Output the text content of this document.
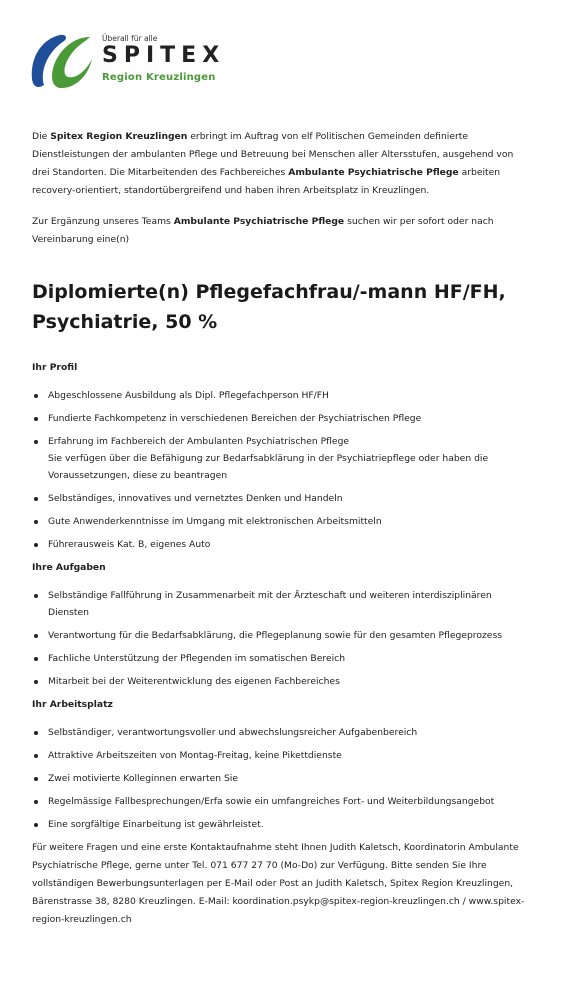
Überall für alle
SPITEX
Region Kreuzlingen

Die Spitex Region Kreuzlingen erbringt im Auftrag von elf Politischen Gemeinden definierte Dienstleistungen der ambulanten Pflege und Betreuung bei Menschen aller Altersstufen, ausgehend von drei Standorten. Die Mitarbeitenden des Fachbereiches Ambulante Psychiatrische Pflege arbeiten recovery-orientiert, standortübergreifend und haben ihren Arbeitsplatz in Kreuzlingen.

Zur Ergänzung unseres Teams Ambulante Psychiatrische Pflege suchen wir per sofort oder nach Vereinbarung eine(n)

Diplomierte(n) Pflegefachfrau/-mann HF/FH, Psychiatrie, 50 %
Ihr Profil
Abgeschlossene Ausbildung als Dipl. Pflegefachperson HF/FH
Fundierte Fachkompetenz in verschiedenen Bereichen der Psychiatrischen Pflege
Erfahrung im Fachbereich der Ambulanten Psychiatrischen Pflege
Sie verfügen über die Befähigung zur Bedarfsabklärung in der Psychiatriepflege oder haben die Voraussetzungen, diese zu beantragen
Selbständiges, innovatives und vernetztes Denken und Handeln
Gute Anwenderkenntnisse im Umgang mit elektronischen Arbeitsmitteln
Führerausweis Kat. B, eigenes Auto
Ihre Aufgaben
Selbständige Fallführung in Zusammenarbeit mit der Ärzteschaft und weiteren interdisziplinären Diensten
Verantwortung für die Bedarfsabklärung, die Pflegeplanung sowie für den gesamten Pflegeprozess
Fachliche Unterstützung der Pflegenden im somatischen Bereich
Mitarbeit bei der Weiterentwicklung des eigenen Fachbereiches
Ihr Arbeitsplatz
Selbständiger, verantwortungsvoller und abwechslungsreicher Aufgabenbereich
Attraktive Arbeitszeiten von Montag-Freitag, keine Pikettdienste
Zwei motivierte Kolleginnen erwarten Sie
Regelmässige Fallbesprechungen/Erfa sowie ein umfangreiches Fort- und Weiterbildungsangebot
Eine sorgfältige Einarbeitung ist gewährleistet.

Für weitere Fragen und eine erste Kontaktaufnahme steht Ihnen Judith Kaletsch, Koordinatorin Ambulante Psychiatrische Pflege, gerne unter Tel. 071 677 27 70 (Mo-Do) zur Verfügung. Bitte senden Sie Ihre vollständigen Bewerbungsunterlagen per E-Mail oder Post an Judith Kaletsch, Spitex Region Kreuzlingen, Bärenstrasse 38, 8280 Kreuzlingen. E-Mail: koordination.psykp@spitex-region-kreuzlingen.ch / www.spitex-region-kreuzlingen.ch
